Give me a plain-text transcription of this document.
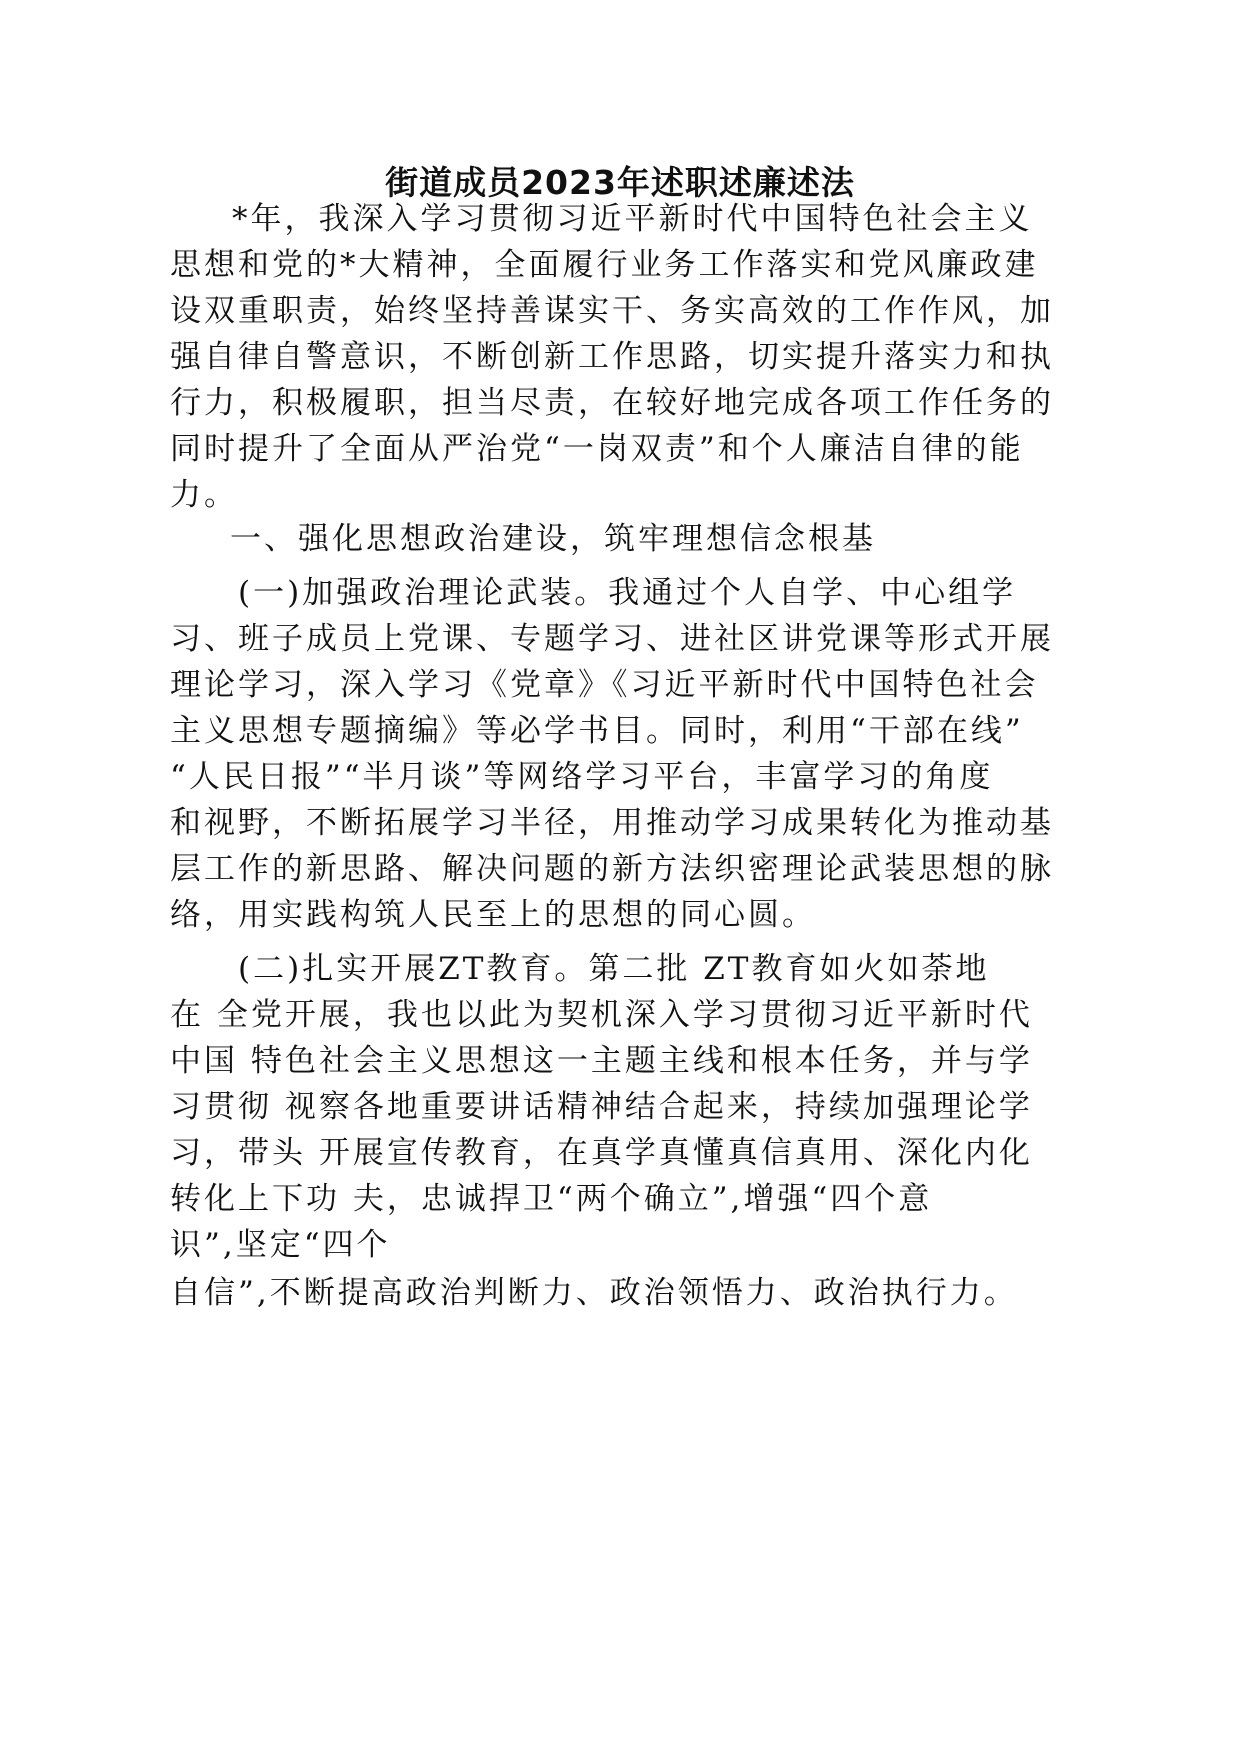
街道成员2023年述职述廉述法
*年，我深入学习贯彻习近平新时代中国特色社会主义
思想和党的*大精神，全面履行业务工作落实和党风廉政建
设双重职责，始终坚持善谋实干、务实高效的工作作风，加
强自律自警意识，不断创新工作思路，切实提升落实力和执
行力，积极履职，担当尽责，在较好地完成各项工作任务的
同时提升了全面从严治党“一岗双责”和个人廉洁自律的能
力。
一、强化思想政治建设，筑牢理想信念根基
(一)加强政治理论武装。我通过个人自学、中心组学
习、班子成员上党课、专题学习、进社区讲党课等形式开展
理论学习，深入学习《党章》《习近平新时代中国特色社会
主义思想专题摘编》等必学书目。同时，利用“干部在线”
“人民日报”“半月谈”等网络学习平台，丰富学习的角度
和视野，不断拓展学习半径，用推动学习成果转化为推动基
层工作的新思路、解决问题的新方法织密理论武装思想的脉
络，用实践构筑人民至上的思想的同心圆。
(二)扎实开展ZT教育。第二批 ZT教育如火如荼地
在 全党开展，我也以此为契机深入学习贯彻习近平新时代
中国 特色社会主义思想这一主题主线和根本任务，并与学
习贯彻 视察各地重要讲话精神结合起来，持续加强理论学
习，带头 开展宣传教育，在真学真懂真信真用、深化内化
转化上下功 夫，忠诚捍卫“两个确立”,增强“四个意
识”,坚定“四个
自信”,不断提高政治判断力、政治领悟力、政治执行力。
